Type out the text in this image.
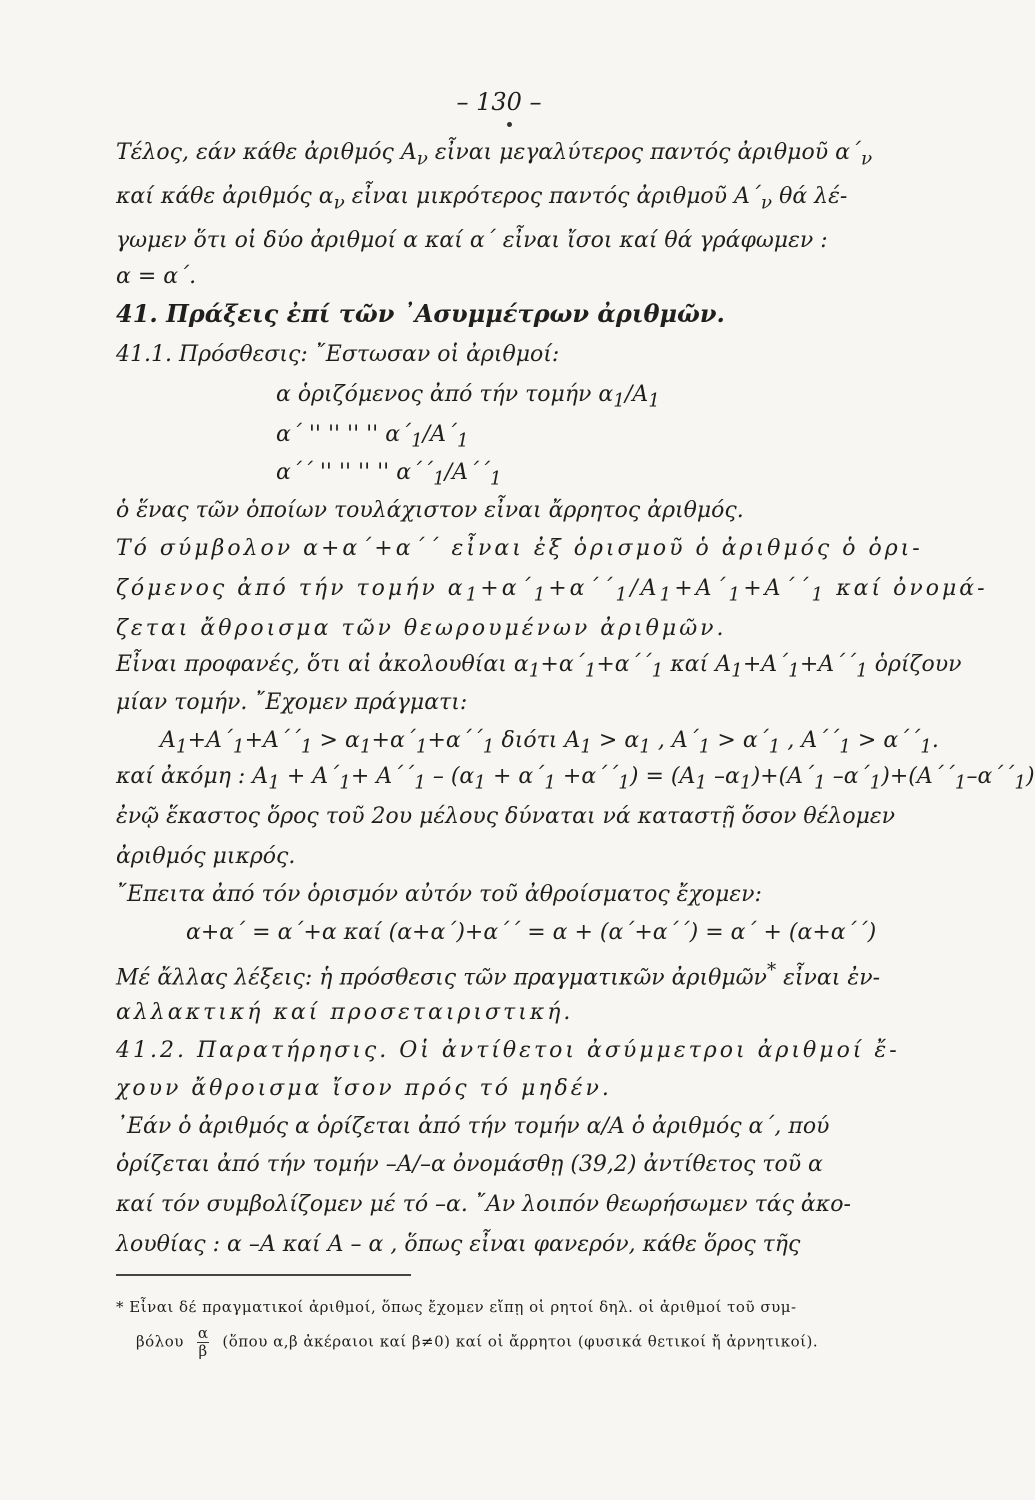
– 130 –
Τέλος, εάν κάθε ἀριθμός $A_\nu$ εἶναι μεγαλύτερος παντός ἀριθμοῦ $\alpha΄_\nu$
καί κάθε ἀριθμός $\alpha_\nu$ εἶναι μικρότερος παντός ἀριθμοῦ $A΄_\nu$ θά λέ-
γωμεν ὅτι οἱ δύο ἀριθμοί α καί α΄ εἶναι ἴσοι καί θά γράφωμεν :
α = α΄.
41. Πράξεις ἐπί τῶν ᾿Ασυμμέτρων ἀριθμῶν.
41.1. Πρόσθεσις: ῎Εστωσαν οἱ ἀριθμοί:
α ὁριζόμενος ἀπό τήν τομήν $\alpha_1/A_1$
α΄ '' '' '' '' $\alpha΄_1/A΄_1$
α΄΄ '' '' '' '' $\alpha΄΄_1/A΄΄_1$
ὁ ἕνας τῶν ὁποίων τουλάχιστον εἶναι ἄρρητος ἀριθμός.
Τό σύμβολον α+α΄+α΄΄ εἶναι ἐξ ὁρισμοῦ ὁ ἀριθμός ὁ ὁρι-
ζόμενος ἀπό τήν τομήν $\alpha_1+\alpha΄_1+\alpha΄΄_1/A_1+A΄_1+A΄΄_1$ καί ὀνομά-
ζεται ἄθροισμα τῶν θεωρουμένων ἀριθμῶν.
Εἶναι προφανές, ὅτι αἱ ἀκολουθίαι $\alpha_1+\alpha΄_1+\alpha΄΄_1$ καί $A_1+A΄_1+A΄΄_1$ ὁρίζουν
μίαν τομήν. ῎Εχομεν πράγματι:
$A_1+A΄_1+A΄΄_1 > \alpha_1+\alpha΄_1+\alpha΄΄_1$ διότι $A_1 > \alpha_1$ , $A΄_1 > \alpha΄_1$ , $A΄΄_1 > \alpha΄΄_1$.
καί ἀκόμη : $A_1 + A΄_1+ A΄΄_1 - (\alpha_1 + \alpha΄_1 +\alpha΄΄_1) = (A_1$ $-\alpha_1)+(A΄_1$ $-\alpha΄_1)+(A΄΄_1-\alpha΄΄_1)$
ἐνῷ ἕκαστος ὅρος τοῦ 2ου μέλους δύναται νά καταστῇ ὅσον θέλομεν
ἀριθμός μικρός.
῎Επειτα ἀπό τόν ὁρισμόν αὐτόν τοῦ ἀθροίσματος ἔχομεν:
α+α΄ = α΄+α καί (α+α΄)+α΄΄ = α + (α΄+α΄΄) = α΄ + (α+α΄΄)
Μέ ἄλλας λέξεις: ἡ πρόσθεσις τῶν πραγματικῶν ἀριθμῶν* εἶναι ἐν-
αλλακτική καί προσεταιριστική.
41.2. Παρατήρησις. Οἱ ἀντίθετοι ἀσύμμετροι ἀριθμοί ἔ-
χουν ἄθροισμα ἴσον πρός τό μηδέν.
᾿Εάν ὁ ἀριθμός α ὁρίζεται ἀπό τήν τομήν α/A ὁ ἀριθμός α΄, πού
ὁρίζεται ἀπό τήν τομήν –A/–α ὀνομάσθῃ (39,2) ἀντίθετος τοῦ α
καί τόν συμβολίζομεν μέ τό –α. ῎Αν λοιπόν θεωρήσωμεν τάς ἀκο-
λουθίας : α –A καί A – α , ὅπως εἶναι φανερόν, κάθε ὅρος τῆς
* Εἶναι δέ πραγματικοί ἀριθμοί, ὅπως ἔχομεν εἴπῃ οἱ ρητοί δηλ. οἱ ἀριθμοί τοῦ συμ-
βόλου $\frac{\alpha}{\beta}$ (ὅπου α,β ἀκέραιοι καί β≠0) καί οἱ ἄρρητοι (φυσικά θετικοί ἤ ἀρνητικοί).
